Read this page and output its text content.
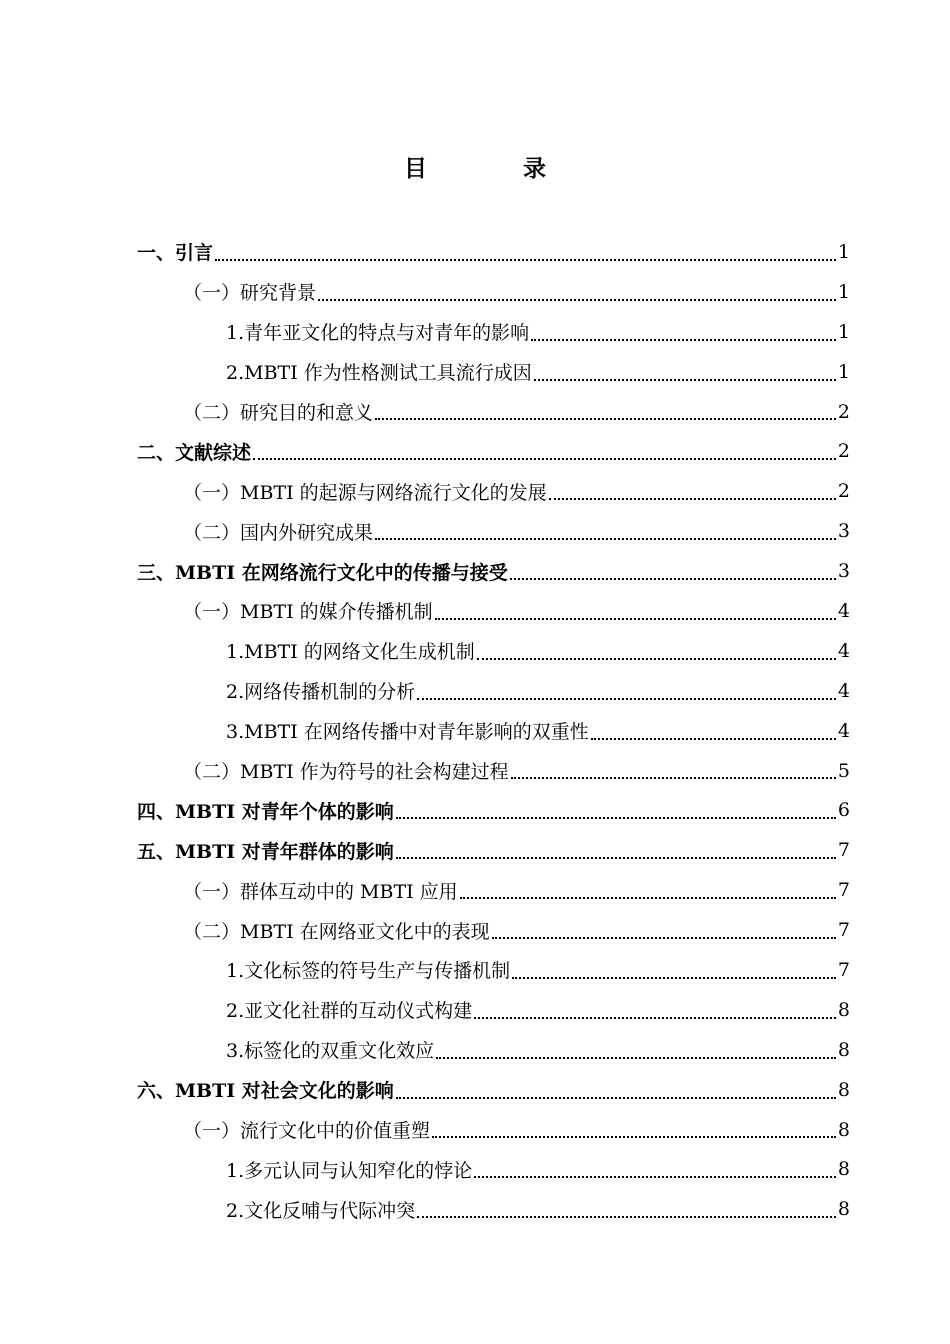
目	录
一、引言	1
（一）研究背景	1
1.青年亚文化的特点与对青年的影响	1
2.MBTI 作为性格测试工具流行成因	1
（二）研究目的和意义	2
二、文献综述	2
（一）MBTI 的起源与网络流行文化的发展	2
（二）国内外研究成果	3
三、MBTI 在网络流行文化中的传播与接受	3
（一）MBTI 的媒介传播机制	4
1.MBTI 的网络文化生成机制	4
2.网络传播机制的分析	4
3.MBTI 在网络传播中对青年影响的双重性	4
（二）MBTI 作为符号的社会构建过程	5
四、MBTI 对青年个体的影响	6
五、MBTI 对青年群体的影响	7
（一）群体互动中的 MBTI 应用	7
（二）MBTI 在网络亚文化中的表现	7
1.文化标签的符号生产与传播机制	7
2.亚文化社群的互动仪式构建	8
3.标签化的双重文化效应	8
六、MBTI 对社会文化的影响	8
（一）流行文化中的价值重塑	8
1.多元认同与认知窄化的悖论	8
2.文化反哺与代际冲突	8
